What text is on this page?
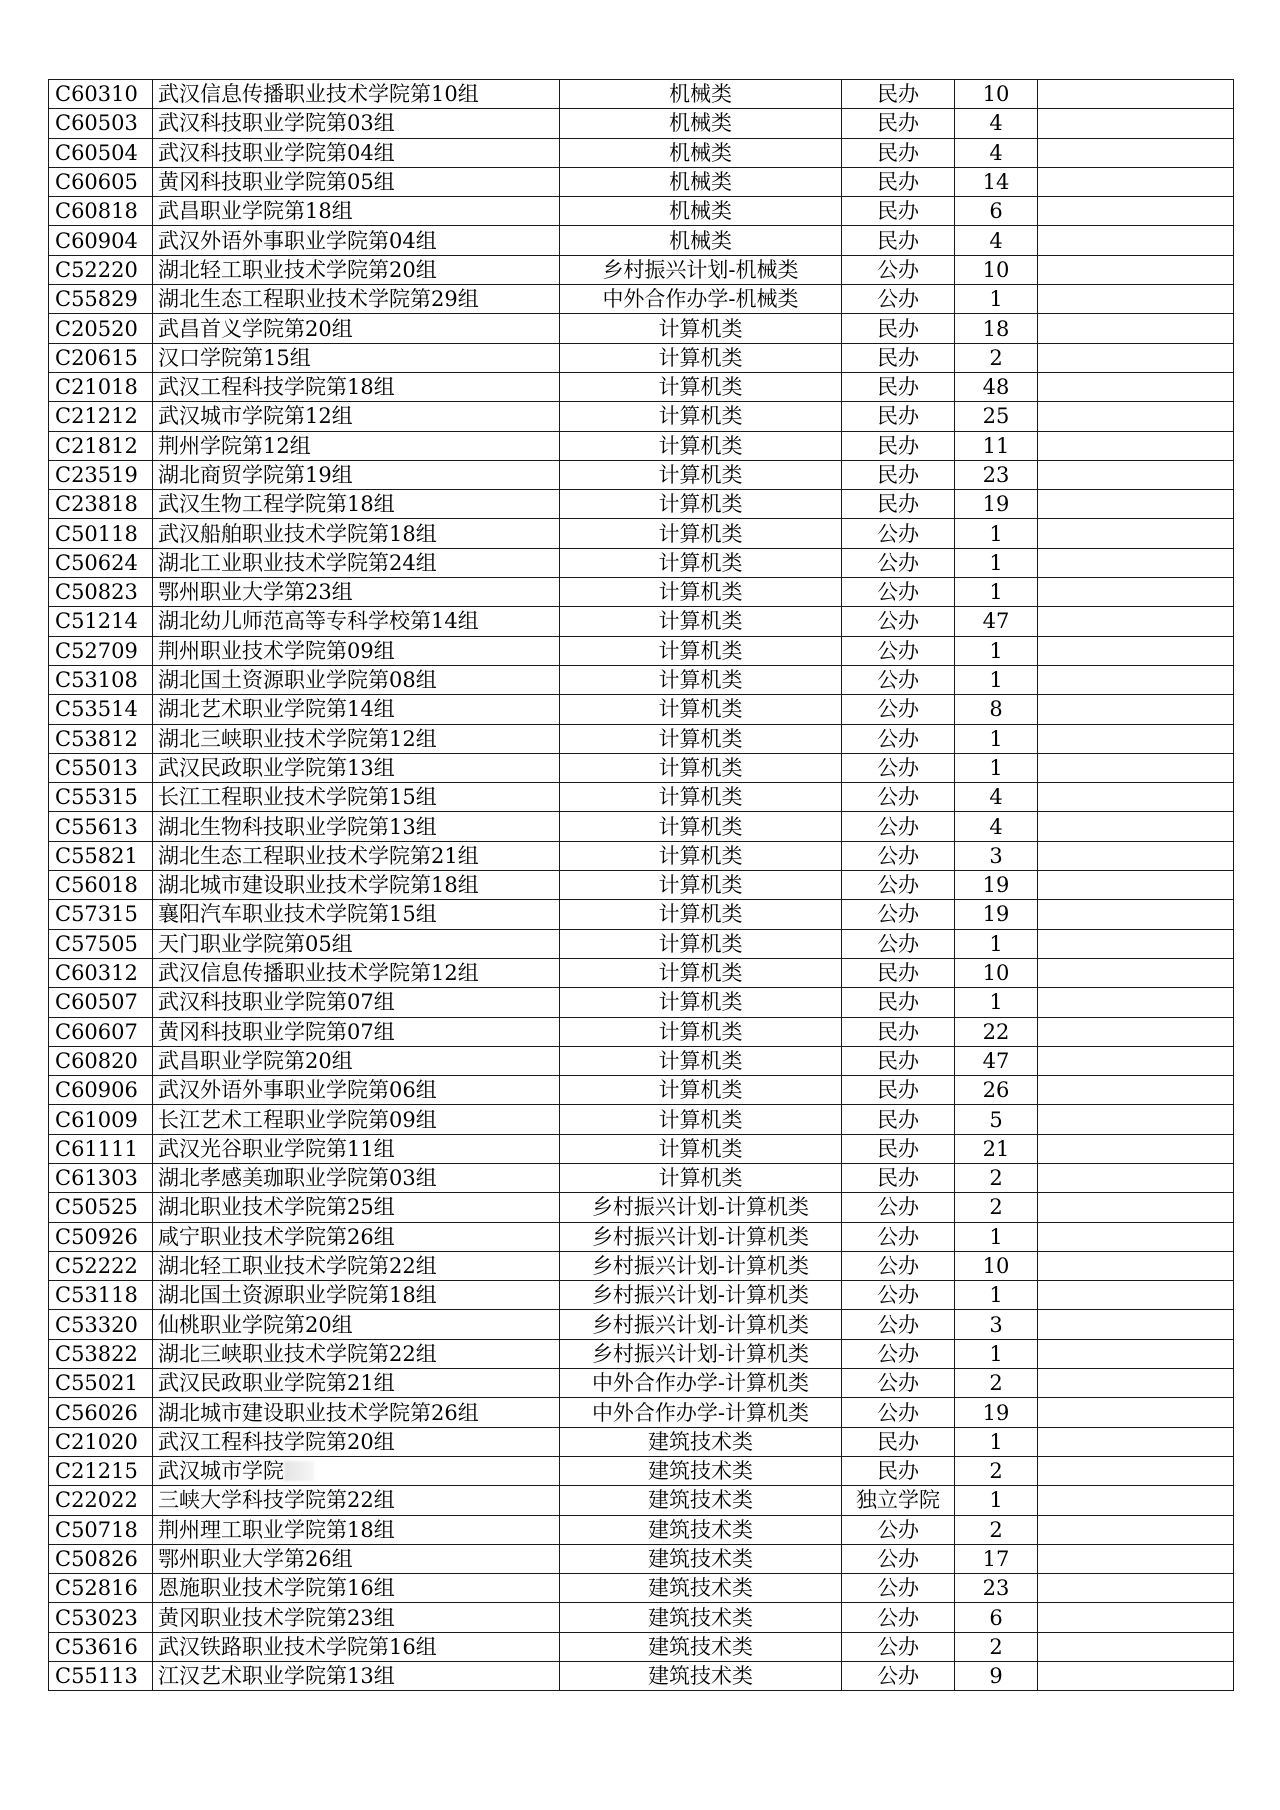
C60310	武汉信息传播职业技术学院第10组	机械类	民办	10	
C60503	武汉科技职业学院第03组	机械类	民办	4	
C60504	武汉科技职业学院第04组	机械类	民办	4	
C60605	黄冈科技职业学院第05组	机械类	民办	14	
C60818	武昌职业学院第18组	机械类	民办	6	
C60904	武汉外语外事职业学院第04组	机械类	民办	4	
C52220	湖北轻工职业技术学院第20组	乡村振兴计划-机械类	公办	10	
C55829	湖北生态工程职业技术学院第29组	中外合作办学-机械类	公办	1	
C20520	武昌首义学院第20组	计算机类	民办	18	
C20615	汉口学院第15组	计算机类	民办	2	
C21018	武汉工程科技学院第18组	计算机类	民办	48	
C21212	武汉城市学院第12组	计算机类	民办	25	
C21812	荆州学院第12组	计算机类	民办	11	
C23519	湖北商贸学院第19组	计算机类	民办	23	
C23818	武汉生物工程学院第18组	计算机类	民办	19	
C50118	武汉船舶职业技术学院第18组	计算机类	公办	1	
C50624	湖北工业职业技术学院第24组	计算机类	公办	1	
C50823	鄂州职业大学第23组	计算机类	公办	1	
C51214	湖北幼儿师范高等专科学校第14组	计算机类	公办	47	
C52709	荆州职业技术学院第09组	计算机类	公办	1	
C53108	湖北国土资源职业学院第08组	计算机类	公办	1	
C53514	湖北艺术职业学院第14组	计算机类	公办	8	
C53812	湖北三峡职业技术学院第12组	计算机类	公办	1	
C55013	武汉民政职业学院第13组	计算机类	公办	1	
C55315	长江工程职业技术学院第15组	计算机类	公办	4	
C55613	湖北生物科技职业学院第13组	计算机类	公办	4	
C55821	湖北生态工程职业技术学院第21组	计算机类	公办	3	
C56018	湖北城市建设职业技术学院第18组	计算机类	公办	19	
C57315	襄阳汽车职业技术学院第15组	计算机类	公办	19	
C57505	天门职业学院第05组	计算机类	公办	1	
C60312	武汉信息传播职业技术学院第12组	计算机类	民办	10	
C60507	武汉科技职业学院第07组	计算机类	民办	1	
C60607	黄冈科技职业学院第07组	计算机类	民办	22	
C60820	武昌职业学院第20组	计算机类	民办	47	
C60906	武汉外语外事职业学院第06组	计算机类	民办	26	
C61009	长江艺术工程职业学院第09组	计算机类	民办	5	
C61111	武汉光谷职业学院第11组	计算机类	民办	21	
C61303	湖北孝感美珈职业学院第03组	计算机类	民办	2	
C50525	湖北职业技术学院第25组	乡村振兴计划-计算机类	公办	2	
C50926	咸宁职业技术学院第26组	乡村振兴计划-计算机类	公办	1	
C52222	湖北轻工职业技术学院第22组	乡村振兴计划-计算机类	公办	10	
C53118	湖北国土资源职业学院第18组	乡村振兴计划-计算机类	公办	1	
C53320	仙桃职业学院第20组	乡村振兴计划-计算机类	公办	3	
C53822	湖北三峡职业技术学院第22组	乡村振兴计划-计算机类	公办	1	
C55021	武汉民政职业学院第21组	中外合作办学-计算机类	公办	2	
C56026	湖北城市建设职业技术学院第26组	中外合作办学-计算机类	公办	19	
C21020	武汉工程科技学院第20组	建筑技术类	民办	1	
C21215	武汉城市学院	建筑技术类	民办	2	
C22022	三峡大学科技学院第22组	建筑技术类	独立学院	1	
C50718	荆州理工职业学院第18组	建筑技术类	公办	2	
C50826	鄂州职业大学第26组	建筑技术类	公办	17	
C52816	恩施职业技术学院第16组	建筑技术类	公办	23	
C53023	黄冈职业技术学院第23组	建筑技术类	公办	6	
C53616	武汉铁路职业技术学院第16组	建筑技术类	公办	2	
C55113	江汉艺术职业学院第13组	建筑技术类	公办	9	
